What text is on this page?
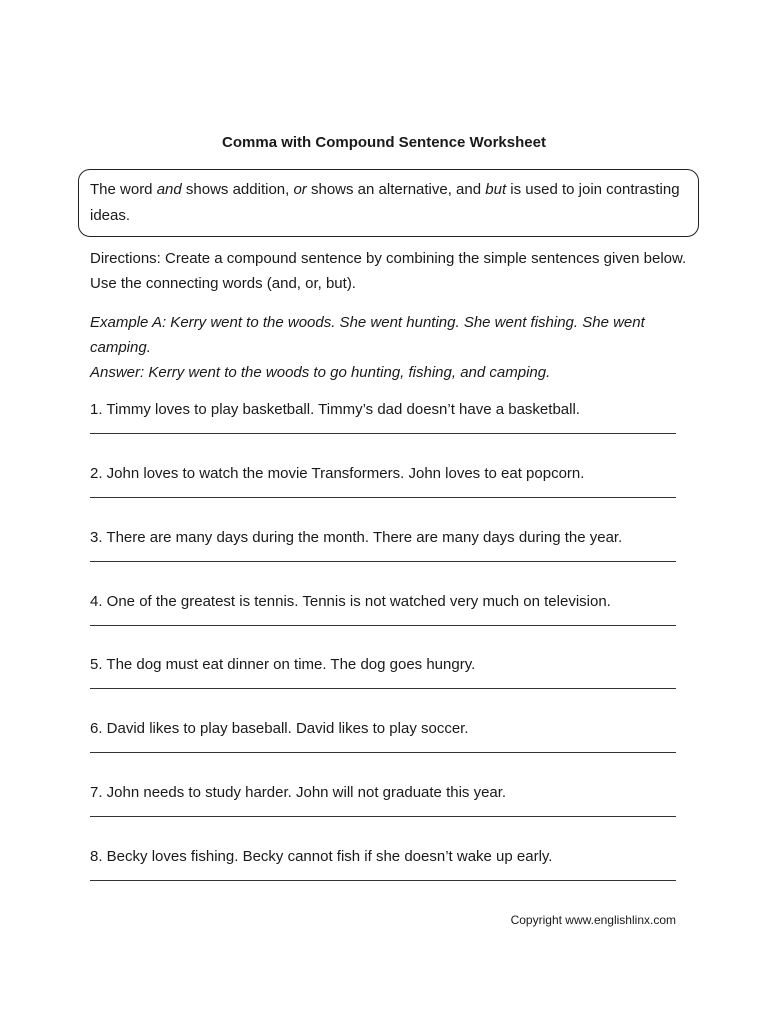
Comma with Compound Sentence Worksheet
The word and shows addition, or shows an alternative, and but is used to join contrasting ideas.
Directions: Create a compound sentence by combining the simple sentences given below. Use the connecting words (and, or, but).
Example A: Kerry went to the woods. She went hunting. She went fishing. She went camping.
Answer: Kerry went to the woods to go hunting, fishing, and camping.
1. Timmy loves to play basketball. Timmy’s dad doesn’t have a basketball.
2. John loves to watch the movie Transformers. John loves to eat popcorn.
3. There are many days during the month. There are many days during the year.
4. One of the greatest is tennis. Tennis is not watched very much on television.
5. The dog must eat dinner on time. The dog goes hungry.
6. David likes to play baseball. David likes to play soccer.
7. John needs to study harder. John will not graduate this year.
8. Becky loves fishing. Becky cannot fish if she doesn’t wake up early.
Copyright www.englishlinx.com
